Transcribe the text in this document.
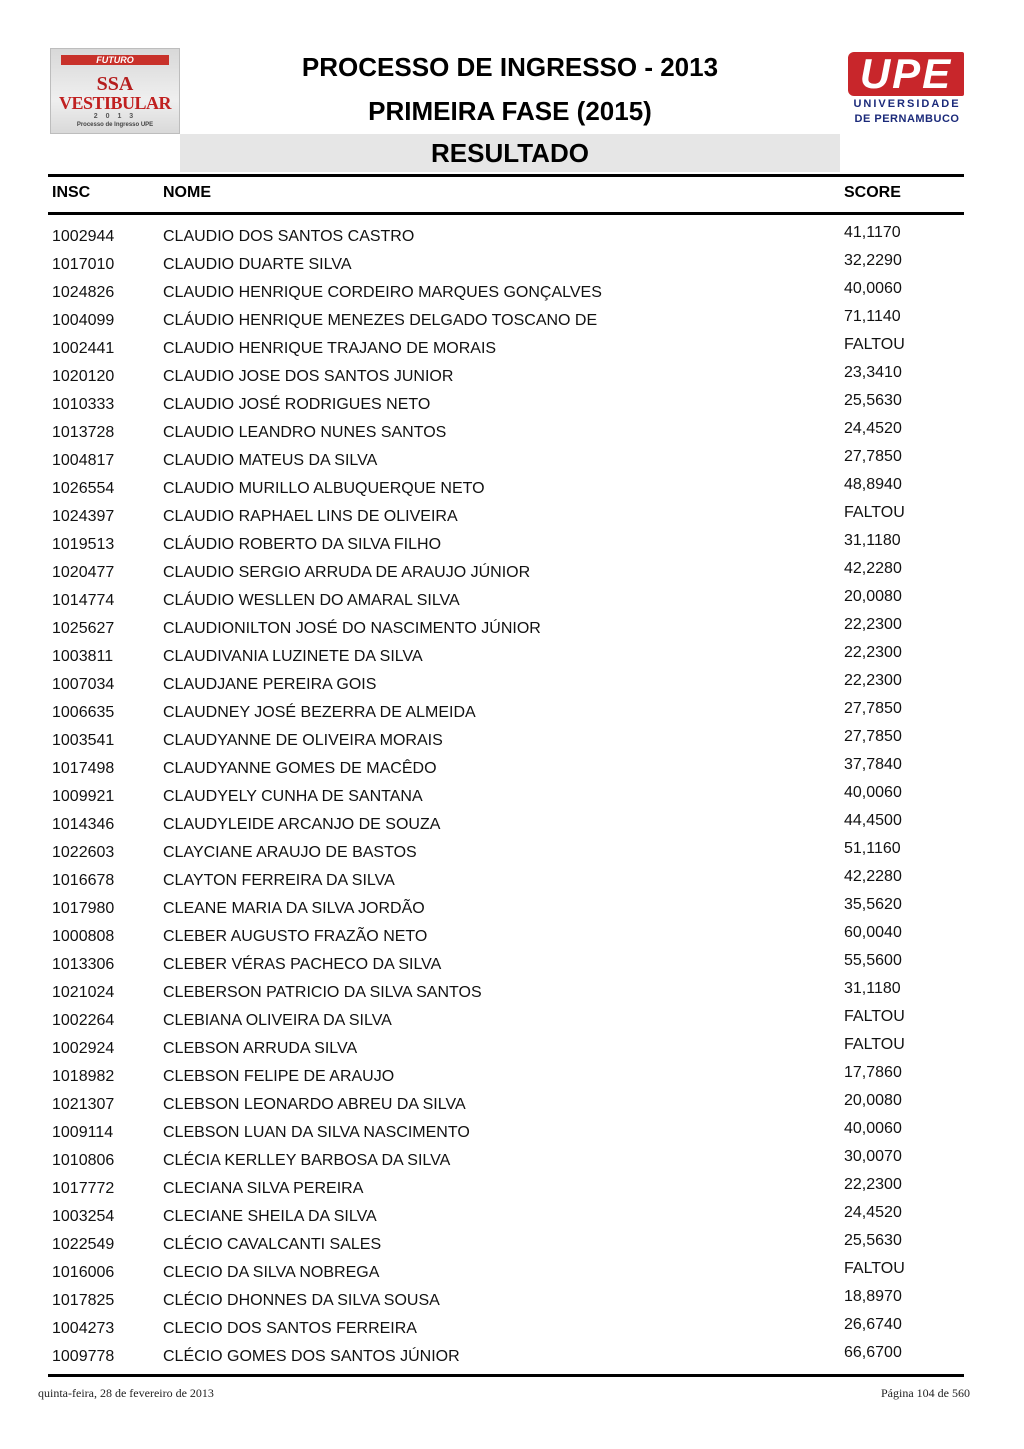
FUTURO
SSA
VESTIBULAR
2 0 1 3
Processo de Ingresso UPE
PROCESSO DE INGRESSO - 2013
PRIMEIRA FASE (2015)
RESULTADO
UPE
UNIVERSIDADE
DE PERNAMBUCO
INSC	NOME	SCORE
1002944	CLAUDIO DOS SANTOS CASTRO	41,1170
1017010	CLAUDIO DUARTE SILVA	32,2290
1024826	CLAUDIO HENRIQUE CORDEIRO MARQUES GONÇALVES	40,0060
1004099	CLÁUDIO HENRIQUE MENEZES DELGADO TOSCANO DE	71,1140
1002441	CLAUDIO HENRIQUE TRAJANO DE MORAIS	FALTOU
1020120	CLAUDIO JOSE DOS SANTOS JUNIOR	23,3410
1010333	CLAUDIO JOSÉ RODRIGUES NETO	25,5630
1013728	CLAUDIO LEANDRO NUNES SANTOS	24,4520
1004817	CLAUDIO MATEUS DA SILVA	27,7850
1026554	CLAUDIO MURILLO ALBUQUERQUE NETO	48,8940
1024397	CLAUDIO RAPHAEL LINS DE OLIVEIRA	FALTOU
1019513	CLÁUDIO ROBERTO DA SILVA FILHO	31,1180
1020477	CLAUDIO SERGIO ARRUDA DE ARAUJO JÚNIOR	42,2280
1014774	CLÁUDIO WESLLEN DO AMARAL SILVA	20,0080
1025627	CLAUDIONILTON JOSÉ DO NASCIMENTO JÚNIOR	22,2300
1003811	CLAUDIVANIA LUZINETE DA SILVA	22,2300
1007034	CLAUDJANE PEREIRA GOIS	22,2300
1006635	CLAUDNEY JOSÉ BEZERRA DE ALMEIDA	27,7850
1003541	CLAUDYANNE DE OLIVEIRA MORAIS	27,7850
1017498	CLAUDYANNE GOMES DE MACÊDO	37,7840
1009921	CLAUDYELY CUNHA DE SANTANA	40,0060
1014346	CLAUDYLEIDE ARCANJO DE SOUZA	44,4500
1022603	CLAYCIANE ARAUJO DE BASTOS	51,1160
1016678	CLAYTON FERREIRA DA SILVA	42,2280
1017980	CLEANE MARIA DA SILVA JORDÃO	35,5620
1000808	CLEBER AUGUSTO FRAZÃO NETO	60,0040
1013306	CLEBER VÉRAS PACHECO DA SILVA	55,5600
1021024	CLEBERSON PATRICIO DA SILVA SANTOS	31,1180
1002264	CLEBIANA OLIVEIRA DA SILVA	FALTOU
1002924	CLEBSON ARRUDA SILVA	FALTOU
1018982	CLEBSON FELIPE DE ARAUJO	17,7860
1021307	CLEBSON LEONARDO ABREU DA SILVA	20,0080
1009114	CLEBSON LUAN DA SILVA NASCIMENTO	40,0060
1010806	CLÉCIA KERLLEY BARBOSA DA SILVA	30,0070
1017772	CLECIANA SILVA PEREIRA	22,2300
1003254	CLECIANE SHEILA DA SILVA	24,4520
1022549	CLÉCIO CAVALCANTI SALES	25,5630
1016006	CLECIO DA SILVA NOBREGA	FALTOU
1017825	CLÉCIO DHONNES DA SILVA SOUSA	18,8970
1004273	CLECIO DOS SANTOS FERREIRA	26,6740
1009778	CLÉCIO GOMES DOS SANTOS JÚNIOR	66,6700
quinta-feira, 28 de fevereiro de 2013	Página 104 de 560
